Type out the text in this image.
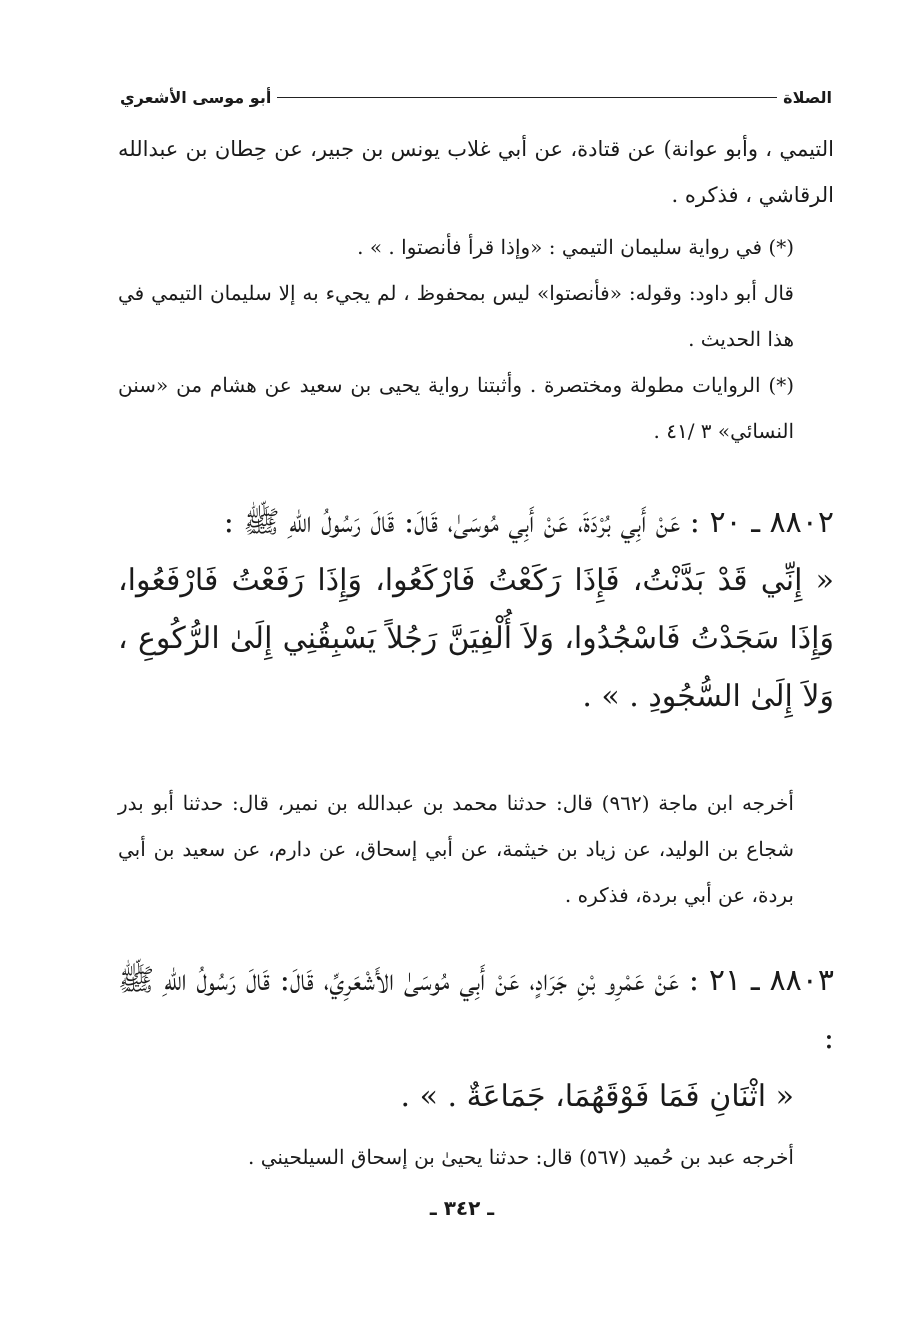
الصلاة
أبو موسى الأشعري

التيمي ، وأبو عوانة) عن قتادة، عن أبي غلاب يونس بن جبير، عن حِطان بن عبدالله الرقاشي ، فذكره .

(*) في رواية سليمان التيمي : «وإذا قرأ فأنصتوا . » .

قال أبو داود: وقوله: «فأنصتوا» ليس بمحفوظ ، لم يجيء به إلا سليمان التيمي في هذا الحديث .

(*) الروايات مطولة ومختصرة . وأثبتنا رواية يحيى بن سعيد عن هشام من «سنن النسائي» ٣ /٤١ .

٨٨٠٢ ـ ٢٠ : عَنْ أَبِي بُرْدَةَ، عَنْ أَبِي مُوسَىٰ، قَالَ: قَالَ رَسُولُ اللهِ ﷺ :

« إِنِّي قَدْ بَدَّنْتُ، فَإِذَا رَكَعْتُ فَارْكَعُوا، وَإِذَا رَفَعْتُ فَارْفَعُوا، وَإِذَا سَجَدْتُ فَاسْجُدُوا، وَلاَ أُلْفِيَنَّ رَجُلاً يَسْبِقُنِي إِلَىٰ الرُّكُوعِ ، وَلاَ إِلَىٰ السُّجُودِ . » .

أخرجه ابن ماجة (٩٦٢) قال: حدثنا محمد بن عبدالله بن نمير، قال: حدثنا أبو بدر شجاع بن الوليد، عن زياد بن خيثمة، عن أبي إسحاق، عن دارم، عن سعيد بن أبي بردة، عن أبي بردة، فذكره .

٨٨٠٣ ـ ٢١ : عَنْ عَمْرِو بْنِ جَرَادٍ، عَنْ أَبِي مُوسَىٰ الأَشْعَرِيِّ، قَالَ: قَالَ رَسُولُ اللهِ ﷺ :

« اثْنَانِ فَمَا فَوْقَهُمَا، جَمَاعَةٌ . » .

أخرجه عبد بن حُميد (٥٦٧) قال: حدثنا يحيىٰ بن إسحاق السيلحيني .

ـ ٣٤٢ ـ
